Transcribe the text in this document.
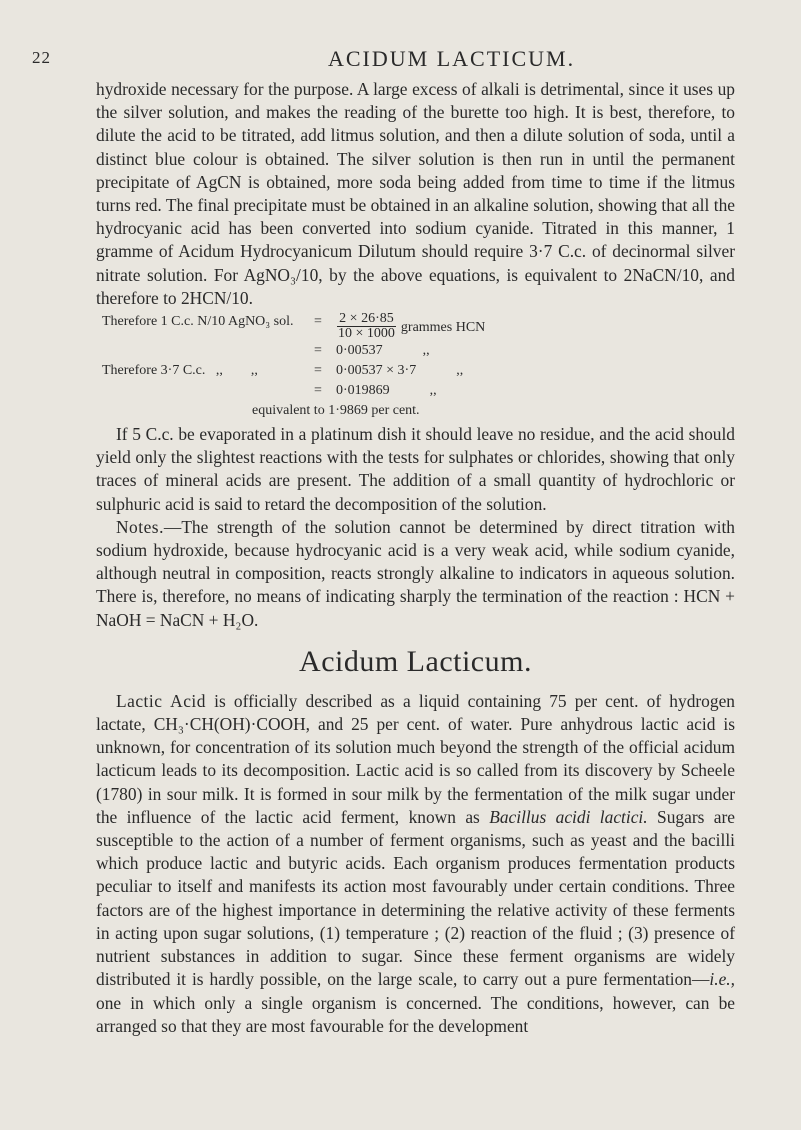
22	ACIDUM LACTICUM.

hydroxide necessary for the purpose. A large excess of alkali is detrimental, since it uses up the silver solution, and makes the reading of the burette too high. It is best, therefore, to dilute the acid to be titrated, add litmus solution, and then a dilute solution of soda, until a distinct blue colour is obtained. The silver solution is then run in until the permanent precipitate of AgCN is obtained, more soda being added from time to time if the litmus turns red. The final precipitate must be obtained in an alkaline solution, showing that all the hydrocyanic acid has been converted into sodium cyanide. Titrated in this manner, 1 gramme of Acidum Hydrocyanicum Dilutum should require 3·7 C.c. of decinormal silver nitrate solution. For AgNO₃/10, by the above equations, is equivalent to 2NaCN/10, and therefore to 2HCN/10.

Therefore 1 C.c. N/10 AgNO₃ sol.	=	$\frac{2 \times 26\cdot 85}{10 \times 1000}$ grammes HCN
=	0·00537	,,
Therefore 3·7 C.c.   ,,        ,,	=	0·00537 × 3·7	,,
=	0·019869	,,
equivalent to 1·9869 per cent.

If 5 C.c. be evaporated in a platinum dish it should leave no residue, and the acid should yield only the slightest reactions with the tests for sulphates or chlorides, showing that only traces of mineral acids are present. The addition of a small quantity of hydrochloric or sulphuric acid is said to retard the decomposition of the solution.

Notes.—The strength of the solution cannot be determined by direct titration with sodium hydroxide, because hydrocyanic acid is a very weak acid, while sodium cyanide, although neutral in composition, reacts strongly alkaline to indicators in aqueous solution. There is, therefore, no means of indicating sharply the termination of the reaction : HCN + NaOH = NaCN + H₂O.

Acidum Lacticum.

Lactic Acid is officially described as a liquid containing 75 per cent. of hydrogen lactate, CH₃·CH(OH)·COOH, and 25 per cent. of water. Pure anhydrous lactic acid is unknown, for concentration of its solution much beyond the strength of the official acidum lacticum leads to its decomposition. Lactic acid is so called from its discovery by Scheele (1780) in sour milk. It is formed in sour milk by the fermentation of the milk sugar under the influence of the lactic acid ferment, known as Bacillus acidi lactici. Sugars are susceptible to the action of a number of ferment organisms, such as yeast and the bacilli which produce lactic and butyric acids. Each organism produces fermentation products peculiar to itself and manifests its action most favourably under certain conditions. Three factors are of the highest importance in determining the relative activity of these ferments in acting upon sugar solutions, (1) temperature ; (2) reaction of the fluid ; (3) presence of nutrient substances in addition to sugar. Since these ferment organisms are widely distributed it is hardly possible, on the large scale, to carry out a pure fermentation—i.e., one in which only a single organism is concerned. The conditions, however, can be arranged so that they are most favourable for the development
